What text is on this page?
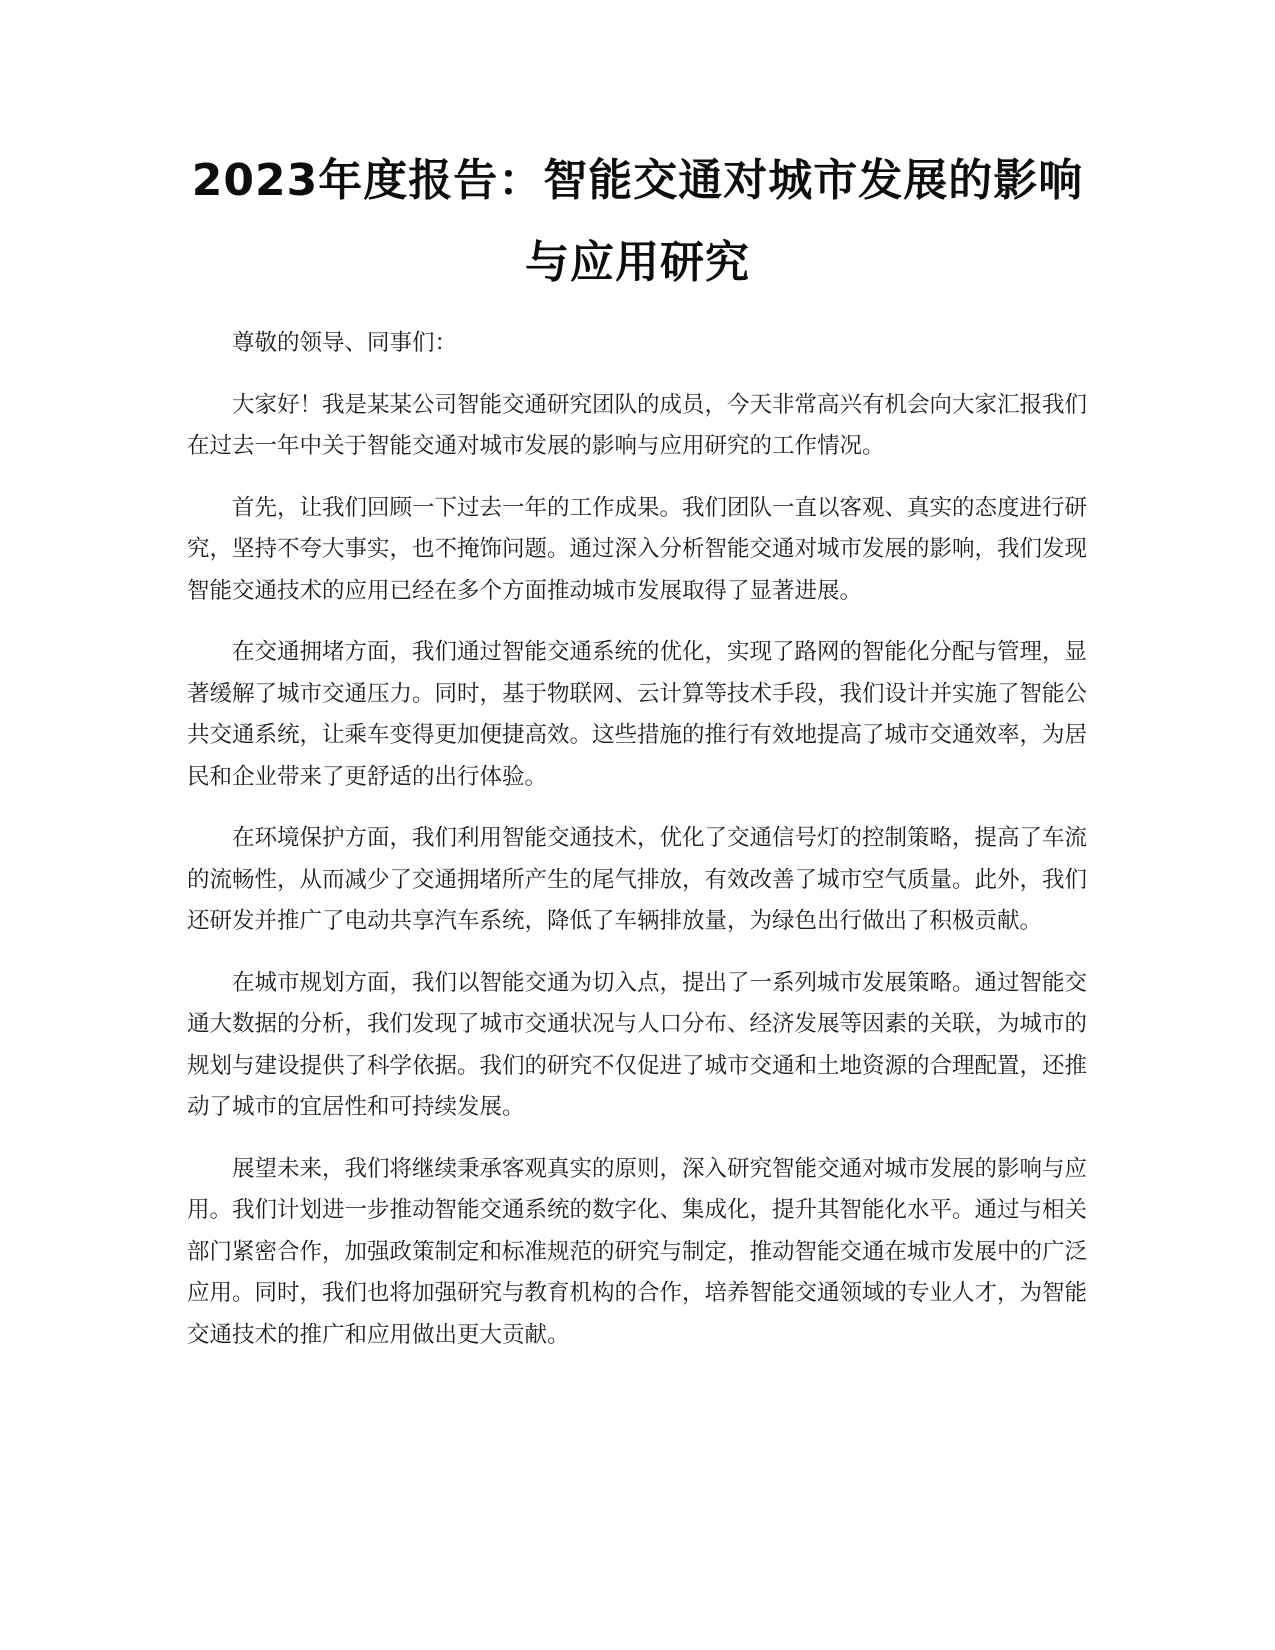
2023年度报告：智能交通对城市发展的影响与应用研究

尊敬的领导、同事们：

大家好！我是某某公司智能交通研究团队的成员，今天非常高兴有机会向大家汇报我们在过去一年中关于智能交通对城市发展的影响与应用研究的工作情况。

首先，让我们回顾一下过去一年的工作成果。我们团队一直以客观、真实的态度进行研究，坚持不夸大事实，也不掩饰问题。通过深入分析智能交通对城市发展的影响，我们发现智能交通技术的应用已经在多个方面推动城市发展取得了显著进展。

在交通拥堵方面，我们通过智能交通系统的优化，实现了路网的智能化分配与管理，显著缓解了城市交通压力。同时，基于物联网、云计算等技术手段，我们设计并实施了智能公共交通系统，让乘车变得更加便捷高效。这些措施的推行有效地提高了城市交通效率，为居民和企业带来了更舒适的出行体验。

在环境保护方面，我们利用智能交通技术，优化了交通信号灯的控制策略，提高了车流的流畅性，从而减少了交通拥堵所产生的尾气排放，有效改善了城市空气质量。此外，我们还研发并推广了电动共享汽车系统，降低了车辆排放量，为绿色出行做出了积极贡献。

在城市规划方面，我们以智能交通为切入点，提出了一系列城市发展策略。通过智能交通大数据的分析，我们发现了城市交通状况与人口分布、经济发展等因素的关联，为城市的规划与建设提供了科学依据。我们的研究不仅促进了城市交通和土地资源的合理配置，还推动了城市的宜居性和可持续发展。

展望未来，我们将继续秉承客观真实的原则，深入研究智能交通对城市发展的影响与应用。我们计划进一步推动智能交通系统的数字化、集成化，提升其智能化水平。通过与相关部门紧密合作，加强政策制定和标准规范的研究与制定，推动智能交通在城市发展中的广泛应用。同时，我们也将加强研究与教育机构的合作，培养智能交通领域的专业人才，为智能交通技术的推广和应用做出更大贡献。
